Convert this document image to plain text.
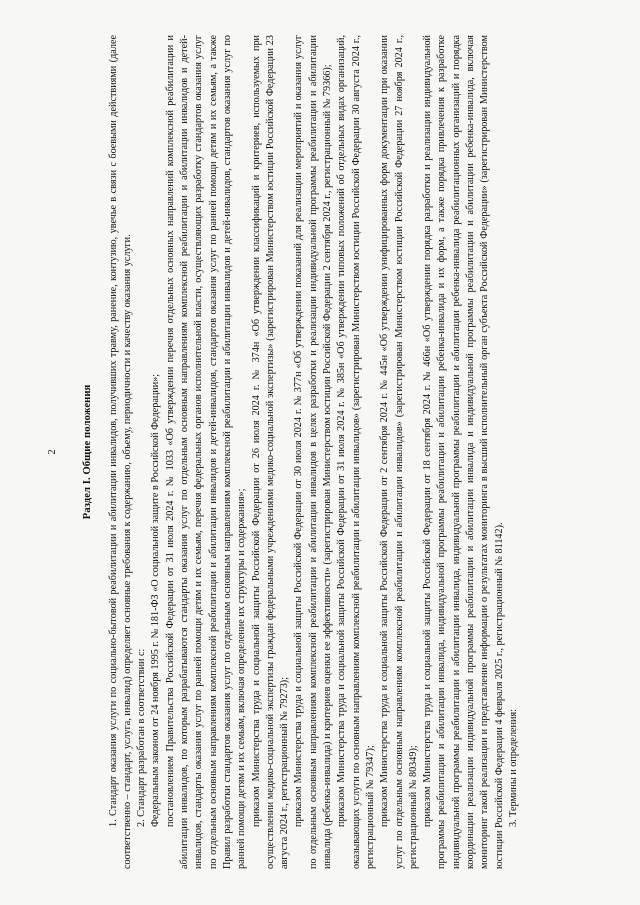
2 Раздел I. Общие положения 1. Стандарт оказания услуги по социально-бытовой реабилитации и абилитации инвалидов, получивших травму, ранение, контузию, увечье в связи с боевыми действиями (далее соответственно – стандарт, услуга, инвалид) определяет основные требования к содержанию, объему, периодичности и качеству оказания услуги. 2. Стандарт разработан в соответствии с: Федеральным законом от 24 ноября 1995 г. № 181-ФЗ «О социальной защите в Российской Федерации»; постановлением Правительства Российской Федерации от 31 июля 2024 г. № 1033 «Об утверждении перечня отдельных основных направлений комплексной реабилитации и абилитации инвалидов, по которым разрабатываются стандарты оказания услуг по отдельным основным направлениям комплексной реабилитации и абилитации инвалидов и детей-инвалидов, стандарты оказания услуг по ранней помощи детям и их семьям, перечня федеральных органов исполнительной власти, осуществляющих разработку стандартов оказания услуг по отдельным основным направлениям комплексной реабилитации и абилитации инвалидов и детей-инвалидов, стандартов оказания услуг по ранней помощи детям и их семьям, а также Правил разработки стандартов оказания услуг по отдельным основным направлениям комплексной реабилитации и абилитации инвалидов и детей-инвалидов, стандартов оказания услуг по ранней помощи детям и их семьям, включая определение их структуры и содержания»; приказом Министерства труда и социальной защиты Российской Федерации от 26 июля 2024 г. № 374н «Об утверждении классификаций и критериев, используемых при осуществлении медико-социальной экспертизы граждан федеральными учреждениями медико-социальной экспертизы» (зарегистрирован Министерством юстиции Российской Федерации 23 августа 2024 г., регистрационный № 79273); приказом Министерства труда и социальной защиты Российской Федерации от 30 июля 2024 г. № 377н «Об утверждении показаний для реализации мероприятий и оказания услуг по отдельным основным направлениям комплексной реабилитации и абилитации инвалидов в целях разработки и реализации индивидуальной программы реабилитации и абилитации инвалида (ребенка-инвалида) и критериев оценки ее эффективности» (зарегистрирован Министерством юстиции Российской Федерации 2 сентября 2024 г., регистрационный № 79366); приказом Министерства труда и социальной защиты Российской Федерации от 31 июля 2024 г. № 385н «Об утверждении типовых положений об отдельных видах организаций, оказывающих услуги по основным направлениям комплексной реабилитации и абилитации инвалидов» (зарегистрирован Министерством юстиции Российской Федерации 30 августа 2024 г., регистрационный № 79347); приказом Министерства труда и социальной защиты Российской Федерации от 2 сентября 2024 г. № 445н «Об утверждении унифицированных форм документации при оказании услуг по отдельным основным направлениям комплексной реабилитации и абилитации инвалидов» (зарегистрирован Министерством юстиции Российской Федерации 27 ноября 2024 г., регистрационный № 80349); приказом Министерства труда и социальной защиты Российской Федерации от 18 сентября 2024 г. № 466н «Об утверждении порядка разработки и реализации индивидуальной программы реабилитации и абилитации инвалида, индивидуальной программы реабилитации и абилитации ребенка-инвалида и их форм, а также порядка привлечения к разработке индивидуальной программы реабилитации и абилитации инвалида, индивидуальной программы реабилитации и абилитации ребенка-инвалида реабилитационных организаций и порядка координации реализации индивидуальной программы реабилитации и абилитации инвалида и индивидуальной программы реабилитации и абилитации ребенка-инвалида, включая мониторинг такой реализации и представление информации о результатах мониторинга в высший исполнительный орган субъекта Российской Федерации» (зарегистрирован Министерством юстиции Российской Федерации 4 февраля 2025 г., регистрационный № 81142). 3. Термины и определения:
